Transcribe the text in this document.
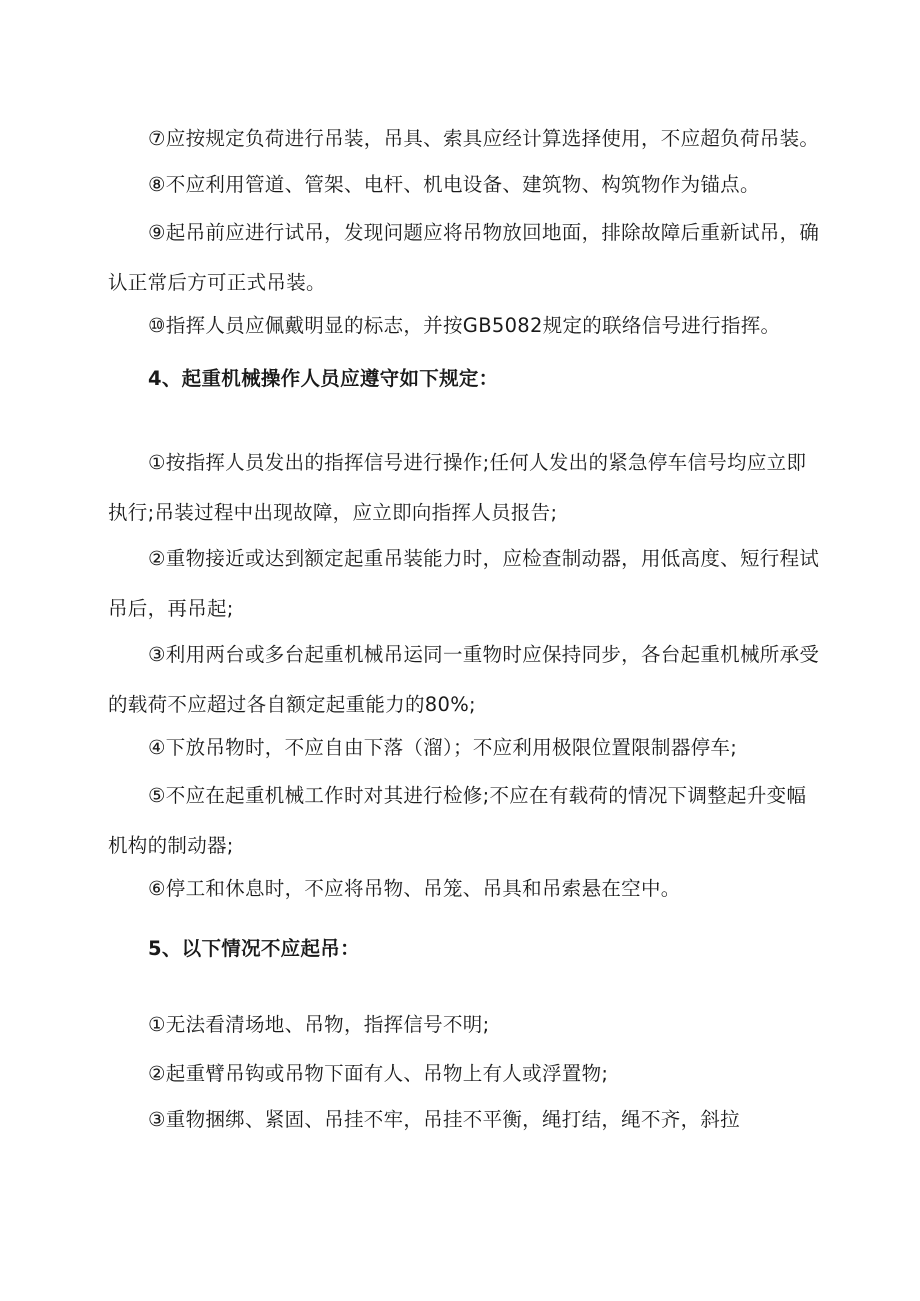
⑦应按规定负荷进行吊装，吊具、索具应经计算选择使用，不应超负荷吊装。

⑧不应利用管道、管架、电杆、机电设备、建筑物、构筑物作为锚点。

⑨起吊前应进行试吊，发现问题应将吊物放回地面，排除故障后重新试吊，确认正常后方可正式吊装。

⑩指挥人员应佩戴明显的标志，并按GB5082规定的联络信号进行指挥。

4、起重机械操作人员应遵守如下规定：

①按指挥人员发出的指挥信号进行操作;任何人发出的紧急停车信号均应立即执行;吊装过程中出现故障，应立即向指挥人员报告;

②重物接近或达到额定起重吊装能力时，应检查制动器，用低高度、短行程试吊后，再吊起;

③利用两台或多台起重机械吊运同一重物时应保持同步，各台起重机械所承受的载荷不应超过各自额定起重能力的80%;

④下放吊物时，不应自由下落（溜）；不应利用极限位置限制器停车;

⑤不应在起重机械工作时对其进行检修;不应在有载荷的情况下调整起升变幅机构的制动器;

⑥停工和休息时，不应将吊物、吊笼、吊具和吊索悬在空中。

5、以下情况不应起吊：

①无法看清场地、吊物，指挥信号不明;

②起重臂吊钩或吊物下面有人、吊物上有人或浮置物;

③重物捆绑、紧固、吊挂不牢，吊挂不平衡，绳打结，绳不齐，斜拉
